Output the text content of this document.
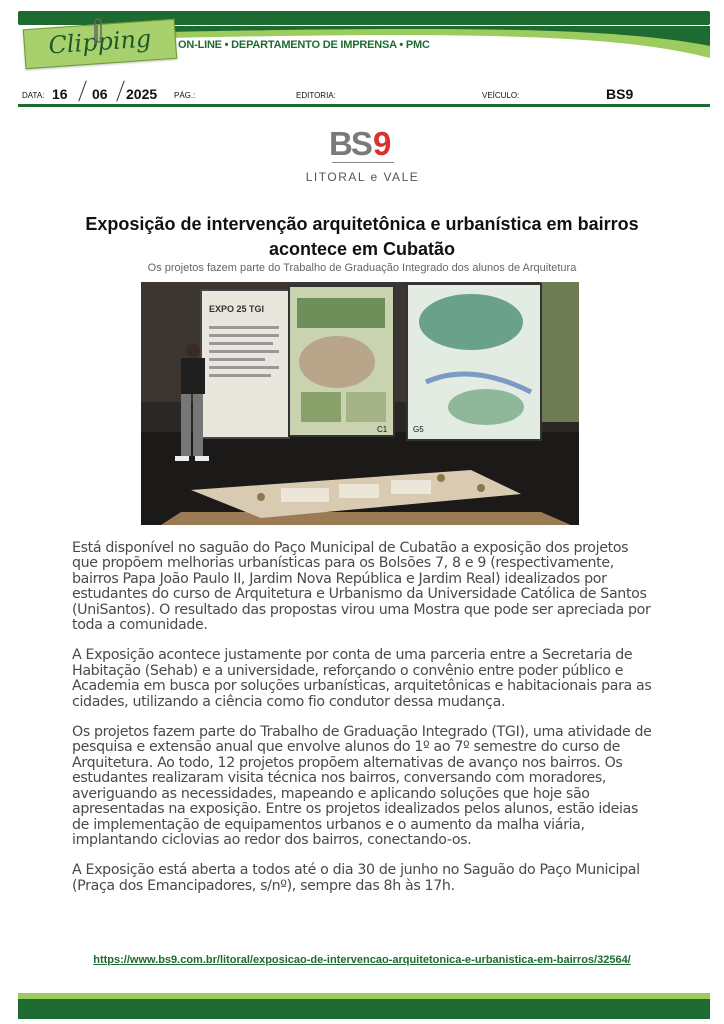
Clipping	ON-LINE • DEPARTAMENTO DE IMPRENSA • PMC
DATA: 16 06 2025 PÁG.:	EDITORIA:	VEÍCULO:	BS9
BS 9
LITORAL e VALE
Exposição de intervenção arquitetônica e urbanística em bairros acontece em Cubatão
Os projetos fazem parte do Trabalho de Graduação Integrado dos alunos de Arquitetura
EXPO 25 TGI
C1	G5

Está disponível no saguão do Paço Municipal de Cubatão a exposição dos projetos que propõem melhorias urbanísticas para os Bolsões 7, 8 e 9 (respectivamente, bairros Papa João Paulo II, Jardim Nova República e Jardim Real) idealizados por estudantes do curso de Arquitetura e Urbanismo da Universidade Católica de Santos (UniSantos). O resultado das propostas virou uma Mostra que pode ser apreciada por toda a comunidade.

A Exposição acontece justamente por conta de uma parceria entre a Secretaria de Habitação (Sehab) e a universidade, reforçando o convênio entre poder público e Academia em busca por soluções urbanísticas, arquitetônicas e habitacionais para as cidades, utilizando a ciência como fio condutor dessa mudança.

Os projetos fazem parte do Trabalho de Graduação Integrado (TGI), uma atividade de pesquisa e extensão anual que envolve alunos do 1º ao 7º semestre do curso de Arquitetura. Ao todo, 12 projetos propõem alternativas de avanço nos bairros. Os estudantes realizaram visita técnica nos bairros, conversando com moradores, averiguando as necessidades, mapeando e aplicando soluções que hoje são apresentadas na exposição. Entre os projetos idealizados pelos alunos, estão ideias de implementação de equipamentos urbanos e o aumento da malha viária, implantando ciclovias ao redor dos bairros, conectando-os.

A Exposição está aberta a todos até o dia 30 de junho no Saguão do Paço Municipal (Praça dos Emancipadores, s/nº), sempre das 8h às 17h.

https://www.bs9.com.br/litoral/exposicao-de-intervencao-arquitetonica-e-urbanistica-em-bairros/32564/
